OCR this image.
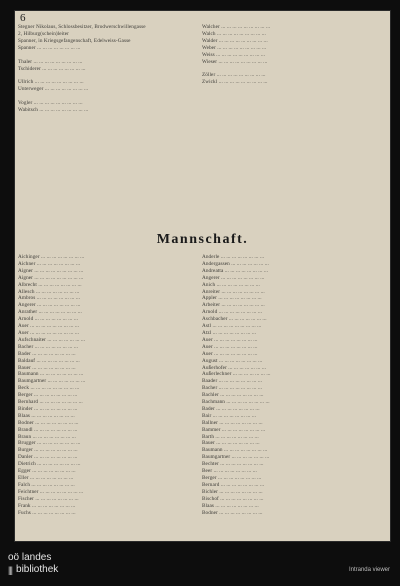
6
Stegner Nikolaus, Schlossbesitzer, Brodwerschwillengasse
2, Hilburg(schein)leiter
Spanner, in Kriegsgefangenschaft, Edelweiss-Gasse
Spanner ... ... ... ... ... ... ... ...
Thaler ... ... ... ... ... ... ... ... ...
Tschiderer ... ... ... ... ... ... ... ...
Ullrich ... ... ... ... ... ... ... ... ...
Unterweger ... ... ... ... ... ... ... ...
Vogler ... ... ... ... ... ... ... ... ...
Wabitsch ... ... ... ... ... ... ... ... ...
Walcher ... ... ... ... ... ... ... ... ...
Walch ... ... ... ... ... ... ... ... ...
Walder ... ... ... ... ... ... ... ... ...
Weber ... ... ... ... ... ... ... ... ...
Weiss ... ... ... ... ... ... ... ... ...
Wieser ... ... ... ... ... ... ... ... ...
Zöller ... ... ... ... ... ... ... ... ...
Zwickl ... ... ... ... ... ... ... ... ...
Mannschaft.
Aichinger ... ... ... ... ... ... ... ...
Aichner ... ... ... ... ... ... ... ...
Aigner ... ... ... ... ... ... ... ... ...
Aigner ... ... ... ... ... ... ... ... ...
Albrecht ... ... ... ... ... ... ... ...
Allesch ... ... ... ... ... ... ... ...
Ambros ... ... ... ... ... ... ... ...
Angerer ... ... ... ... ... ... ... ...
Anrather ... ... ... ... ... ... ... ...
Arnold ... ... ... ... ... ... ... ...
Auer ... ... ... ... ... ... ... ... ...
Auer ... ... ... ... ... ... ... ... ...
Aufschnaiter ... ... ... ... ... ... ...
Bacher ... ... ... ... ... ... ... ...
Bader ... ... ... ... ... ... ... ...
Baldauf ... ... ... ... ... ... ... ...
Bauer ... ... ... ... ... ... ... ...
Baumann ... ... ... ... ... ... ... ...
Baumgartner ... ... ... ... ... ... ...
Beck ... ... ... ... ... ... ... ... ...
Berger ... ... ... ... ... ... ... ...
Bernhard ... ... ... ... ... ... ... ...
Binder ... ... ... ... ... ... ... ...
Blaas ... ... ... ... ... ... ... ...
Bodner ... ... ... ... ... ... ... ...
Brandl ... ... ... ... ... ... ... ...
Braun ... ... ... ... ... ... ... ...
Brugger ... ... ... ... ... ... ... ...
Burger ... ... ... ... ... ... ... ...
Danler ... ... ... ... ... ... ... ...
Dietrich ... ... ... ... ... ... ... ...
Egger ... ... ... ... ... ... ... ...
Eller ... ... ... ... ... ... ... ...
Falch ... ... ... ... ... ... ... ...
Feichtner ... ... ... ... ... ... ... ...
Fischer ... ... ... ... ... ... ... ...
Frank ... ... ... ... ... ... ... ...
Fuchs ... ... ... ... ... ... ... ...
Anderle ... ... ... ... ... ... ... ...
Andergassen ... ... ... ... ... ... ...
Andreatta ... ... ... ... ... ... ... ...
Angerer ... ... ... ... ... ... ... ...
Anich ... ... ... ... ... ... ... ...
Anreiter ... ... ... ... ... ... ... ...
Appler ... ... ... ... ... ... ... ...
Arbeiter ... ... ... ... ... ... ... ...
Arnold ... ... ... ... ... ... ... ...
Aschbacher ... ... ... ... ... ... ...
Astl ... ... ... ... ... ... ... ... ...
Atzl ... ... ... ... ... ... ... ...
Auer ... ... ... ... ... ... ... ...
Auer ... ... ... ... ... ... ... ...
Auer ... ... ... ... ... ... ... ...
August ... ... ... ... ... ... ... ...
Außerhofer ... ... ... ... ... ... ...
Außerlechner ... ... ... ... ... ... ...
Baader ... ... ... ... ... ... ... ...
Bacher ... ... ... ... ... ... ... ...
Bachler ... ... ... ... ... ... ... ...
Bachmann ... ... ... ... ... ... ... ...
Bader ... ... ... ... ... ... ... ...
Bair ... ... ... ... ... ... ... ...
Ballner ... ... ... ... ... ... ... ...
Bammer ... ... ... ... ... ... ... ...
Barth ... ... ... ... ... ... ... ...
Bauer ... ... ... ... ... ... ... ...
Baumann ... ... ... ... ... ... ... ...
Baumgartner ... ... ... ... ... ... ...
Bechter ... ... ... ... ... ... ... ...
Beer ... ... ... ... ... ... ... ...
Berger ... ... ... ... ... ... ... ...
Bernard ... ... ... ... ... ... ... ...
Bichler ... ... ... ... ... ... ... ...
Bischof ... ... ... ... ... ... ... ...
Blaas ... ... ... ... ... ... ... ...
Bodner ... ... ... ... ... ... ... ...
oö landes
||| bibliothek	Intranda viewer
